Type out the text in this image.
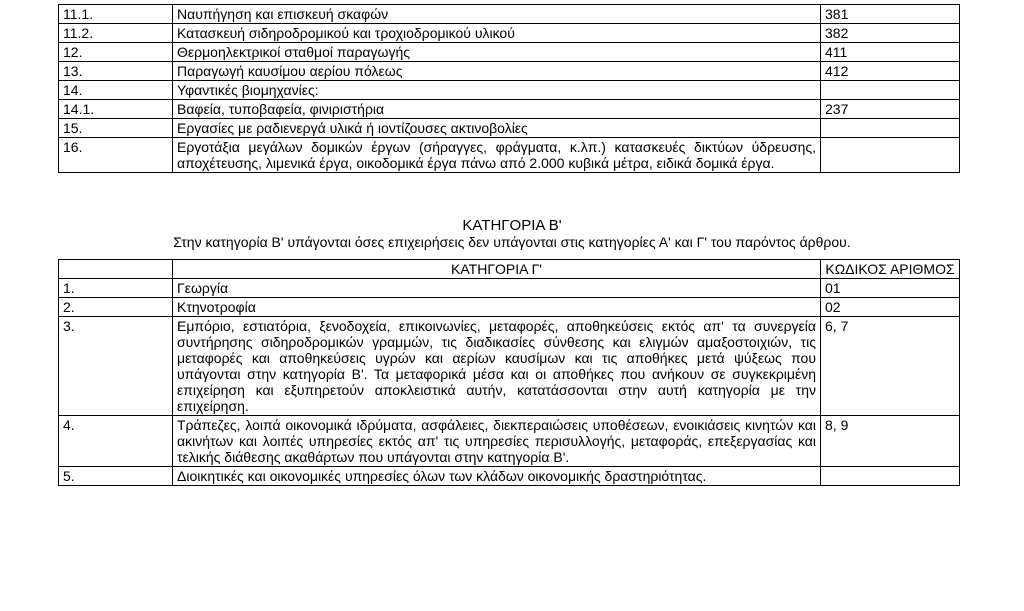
11.1.	Ναυπήγηση και επισκευή σκαφών	381
11.2.	Κατασκευή σιδηροδρομικού και τροχιοδρομικού υλικού	382
12.	Θερμοηλεκτρικοί σταθμοί παραγωγής	411
13.	Παραγωγή καυσίμου αερίου πόλεως	412
14.	Υφαντικές βιομηχανίες:	
14.1.	Βαφεία, τυποβαφεία, φινιριστήρια	237
15.	Εργασίες με ραδιενεργά υλικά ή ιοντίζουσες ακτινοβολίες	
16.	Εργοτάξια μεγάλων δομικών έργων (σήραγγες, φράγματα, κ.λπ.) κατασκευές δικτύων ύδρευσης, αποχέτευσης, λιμενικά έργα, οικοδομικά έργα πάνω από 2.000 κυβικά μέτρα, ειδικά δομικά έργα.	
ΚΑΤΗΓΟΡΙΑ Β'
Στην κατηγορία Β' υπάγονται όσες επιχειρήσεις δεν υπάγονται στις κατηγορίες Α' και Γ' του παρόντος άρθρου.
	ΚΑΤΗΓΟΡΙΑ Γ'	ΚΩΔΙΚΟΣ ΑΡΙΘΜΟΣ
1.	Γεωργία	01
2.	Κτηνοτροφία	02
3.	Εμπόριο, εστιατόρια, ξενοδοχεία, επικοινωνίες, μεταφορές, αποθηκεύσεις εκτός απ' τα συνεργεία συντήρησης σιδηροδρομικών γραμμών, τις διαδικασίες σύνθεσης και ελιγμών αμαξοστοιχιών, τις μεταφορές και αποθηκεύσεις υγρών και αερίων καυσίμων και τις αποθήκες μετά ψύξεως που υπάγονται στην κατηγορία Β'. Τα μεταφορικά μέσα και οι αποθήκες που ανήκουν σε συγκεκριμένη επιχείρηση και εξυπηρετούν αποκλειστικά αυτήν, κατατάσσονται στην αυτή κατηγορία με την επιχείρηση.	6, 7
4.	Τράπεζες, λοιπά οικονομικά ιδρύματα, ασφάλειες, διεκπεραιώσεις υποθέσεων, ενοικιάσεις κινητών και ακινήτων και λοιπές υπηρεσίες εκτός απ' τις υπηρεσίες περισυλλογής, μεταφοράς, επεξεργασίας και τελικής διάθεσης ακαθάρτων που υπάγονται στην κατηγορία Β'.	8, 9
5.	Διοικητικές και οικονομικές υπηρεσίες όλων των κλάδων οικονομικής δραστηριότητας.	
